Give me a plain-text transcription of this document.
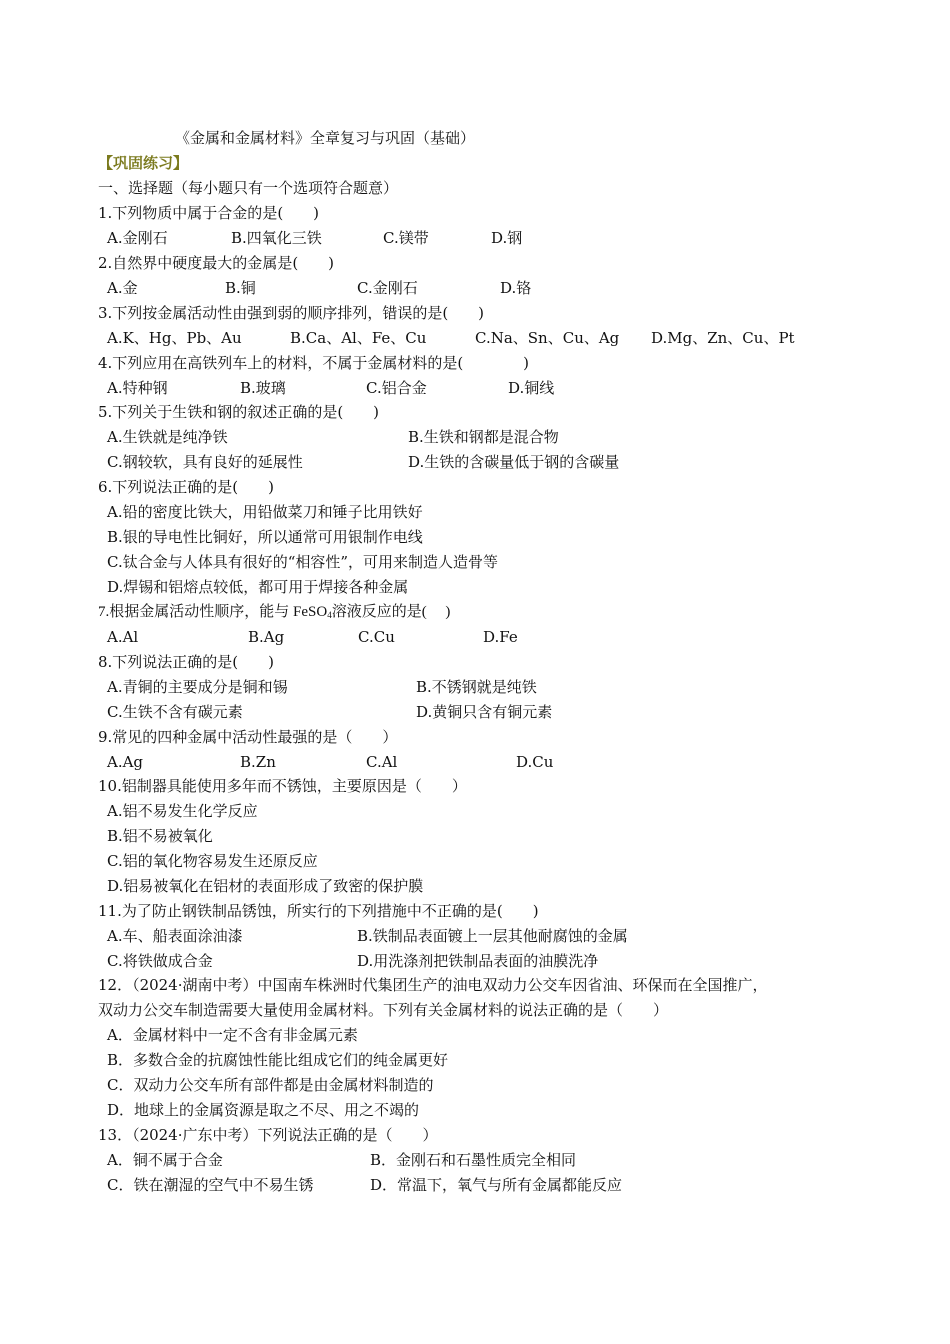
《金属和金属材料》全章复习与巩固（基础）
【巩固练习】
一、选择题（每小题只有一个选项符合题意）
1.下列物质中属于合金的是(　　)
A.金刚石	B.四氧化三铁	C.镁带	D.钢
2.自然界中硬度最大的金属是(　　)
A.金	B.铜	C.金刚石	D.铬
3.下列按金属活动性由强到弱的顺序排列，错误的是(　　)
A.K、Hg、Pb、Au	B.Ca、Al、Fe、Cu	C.Na、Sn、Cu、Ag D.Mg、Zn、Cu、Pt
4.下列应用在高铁列车上的材料，不属于金属材料的是(　　　　)
A.特种钢	B.玻璃	C.铝合金	D.铜线
5.下列关于生铁和钢的叙述正确的是(　　)
A.生铁就是纯净铁	B.生铁和钢都是混合物
C.钢较软，具有良好的延展性	D.生铁的含碳量低于钢的含碳量
6.下列说法正确的是(　　)
A.铅的密度比铁大，用铅做菜刀和锤子比用铁好
B.银的导电性比铜好，所以通常可用银制作电线
C.钛合金与人体具有很好的“相容性”，可用来制造人造骨等
D.焊锡和铝熔点较低，都可用于焊接各种金属
7.根据金属活动性顺序，能与 FeSO$_4$溶液反应的是(　 )
A.Al	B.Ag	C.Cu	D.Fe
8.下列说法正确的是(　　)
A.青铜的主要成分是铜和锡	B.不锈钢就是纯铁
C.生铁不含有碳元素	D.黄铜只含有铜元素
9.常见的四种金属中活动性最强的是（　　）
A.Ag	B.Zn	C.Al	D.Cu
10.铝制器具能使用多年而不锈蚀，主要原因是（　　）
A.铝不易发生化学反应
B.铝不易被氧化
C.铝的氧化物容易发生还原反应
D.铝易被氧化在铝材的表面形成了致密的保护膜
11.为了防止钢铁制品锈蚀，所实行的下列措施中不正确的是(　　)
A.车、船表面涂油漆	B.铁制品表面镀上一层其他耐腐蚀的金属
C.将铁做成合金	D.用洗涤剂把铁制品表面的油膜洗净
12．（2024·湖南中考）中国南车株洲时代集团生产的油电双动力公交车因省油、环保而在全国推广，
双动力公交车制造需要大量使用金属材料。下列有关金属材料的说法正确的是（　　）
A．金属材料中一定不含有非金属元素
B．多数合金的抗腐蚀性能比组成它们的纯金属更好
C．双动力公交车所有部件都是由金属材料制造的
D．地球上的金属资源是取之不尽、用之不竭的
13．（2024·广东中考）下列说法正确的是（　　）
A．铜不属于合金	B．金刚石和石墨性质完全相同
C．铁在潮湿的空气中不易生锈	D．常温下，氧气与所有金属都能反应
